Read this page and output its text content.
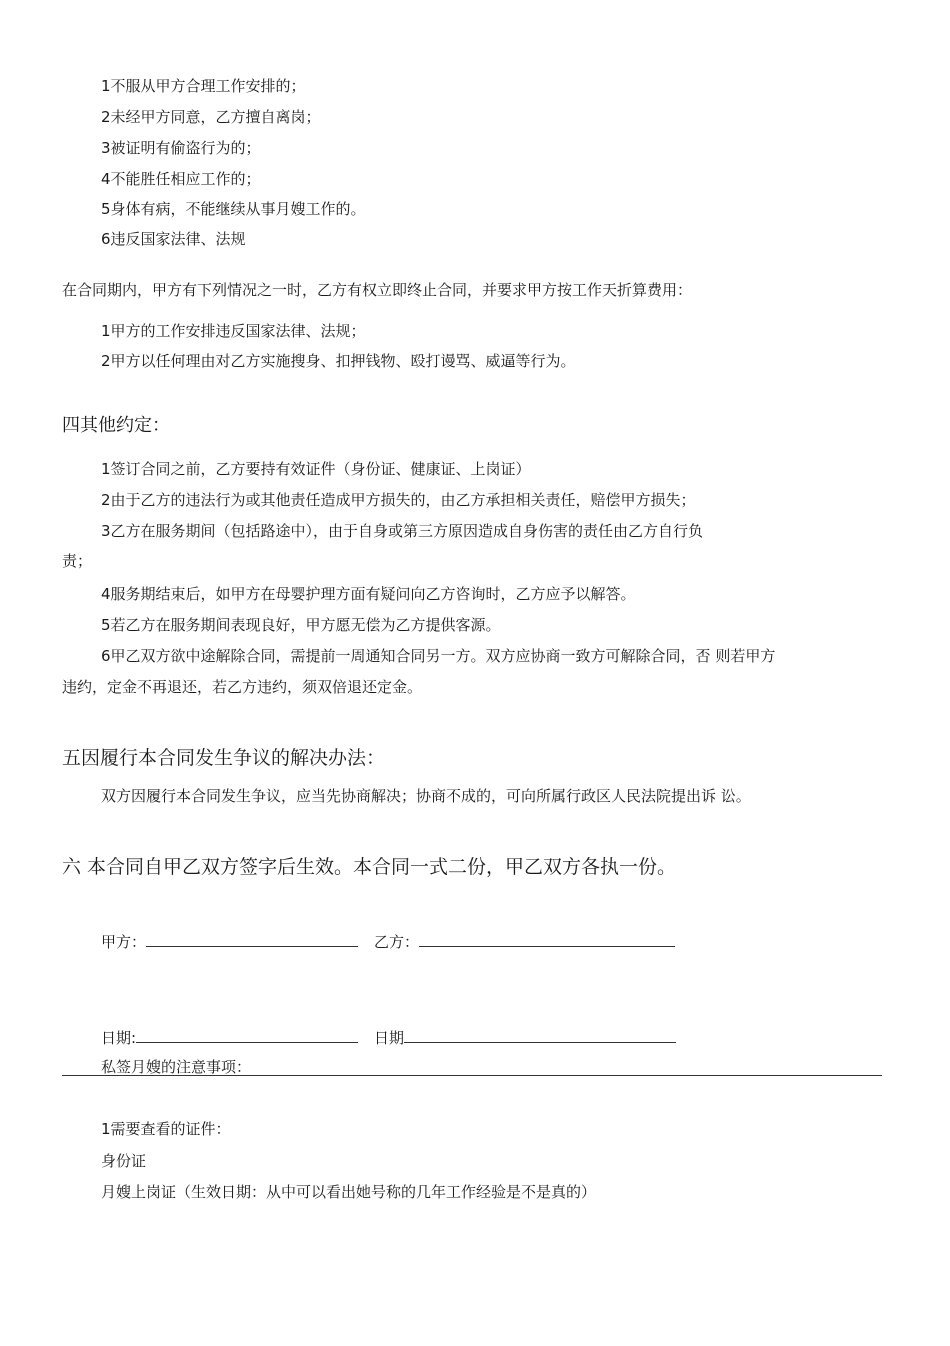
1不服从甲方合理工作安排的；
2未经甲方同意，乙方擅自离岗；
3被证明有偷盗行为的；
4不能胜任相应工作的；
5身体有病，不能继续从事月嫂工作的。
6违反国家法律、法规
在合同期内，甲方有下列情况之一时，乙方有权立即终止合同，并要求甲方按工作天折算费用：
1甲方的工作安排违反国家法律、法规；
2甲方以任何理由对乙方实施搜身、扣押钱物、殴打谩骂、威逼等行为。
四其他约定：
1签订合同之前，乙方要持有效证件（身份证、健康证、上岗证）
2由于乙方的违法行为或其他责任造成甲方损失的，由乙方承担相关责任，赔偿甲方损失；
3乙方在服务期间（包括路途中），由于自身或第三方原因造成自身伤害的责任由乙方自行负
责；
4服务期结束后，如甲方在母婴护理方面有疑问向乙方咨询时，乙方应予以解答。
5若乙方在服务期间表现良好，甲方愿无偿为乙方提供客源。
6甲乙双方欲中途解除合同，需提前一周通知合同另一方。双方应协商一致方可解除合同，否 则若甲方
违约，定金不再退还，若乙方违约，须双倍退还定金。
五因履行本合同发生争议的解决办法：
双方因履行本合同发生争议，应当先协商解决；协商不成的，可向所属行政区人民法院提出诉 讼。
六 本合同自甲乙双方签字后生效。本合同一式二份，甲乙双方各执一份。
甲方：	乙方：
日期:	日期
私签月嫂的注意事项：
1需要查看的证件：
身份证
月嫂上岗证（生效日期：从中可以看出她号称的几年工作经验是不是真的）
